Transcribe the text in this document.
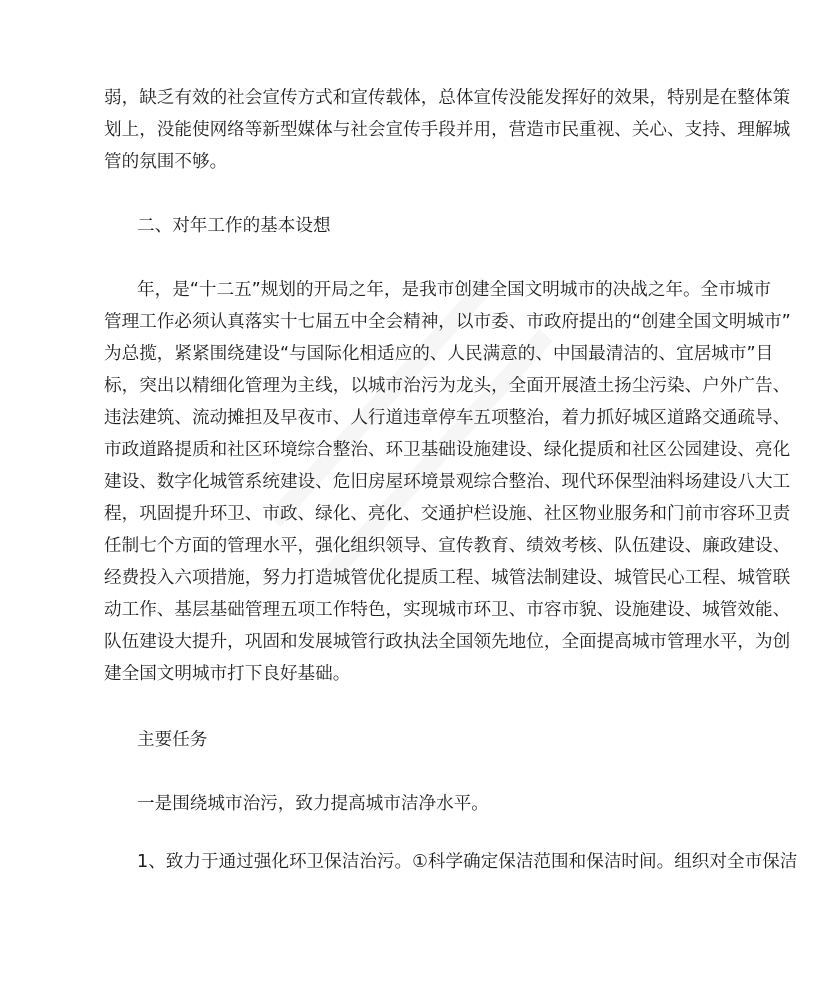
弱，缺乏有效的社会宣传方式和宣传载体，总体宣传没能发挥好的效果，特别是在整体策
划上，没能使网络等新型媒体与社会宣传手段并用，营造市民重视、关心、支持、理解城
管的氛围不够。
二、对年工作的基本设想
年，是“十二五”规划的开局之年，是我市创建全国文明城市的决战之年。全市城市
管理工作必须认真落实十七届五中全会精神，以市委、市政府提出的“创建全国文明城市”
为总揽，紧紧围绕建设“与国际化相适应的、人民满意的、中国最清洁的、宜居城市”目
标，突出以精细化管理为主线，以城市治污为龙头，全面开展渣土扬尘污染、户外广告、
违法建筑、流动摊担及早夜市、人行道违章停车五项整治，着力抓好城区道路交通疏导、
市政道路提质和社区环境综合整治、环卫基础设施建设、绿化提质和社区公园建设、亮化
建设、数字化城管系统建设、危旧房屋环境景观综合整治、现代环保型油料场建设八大工
程，巩固提升环卫、市政、绿化、亮化、交通护栏设施、社区物业服务和门前市容环卫责
任制七个方面的管理水平，强化组织领导、宣传教育、绩效考核、队伍建设、廉政建设、
经费投入六项措施，努力打造城管优化提质工程、城管法制建设、城管民心工程、城管联
动工作、基层基础管理五项工作特色，实现城市环卫、市容市貌、设施建设、城管效能、
队伍建设大提升，巩固和发展城管行政执法全国领先地位，全面提高城市管理水平，为创
建全国文明城市打下良好基础。
主要任务
一是围绕城市治污，致力提高城市洁净水平。
1、致力于通过强化环卫保洁治污。①科学确定保洁范围和保洁时间。组织对全市保洁
